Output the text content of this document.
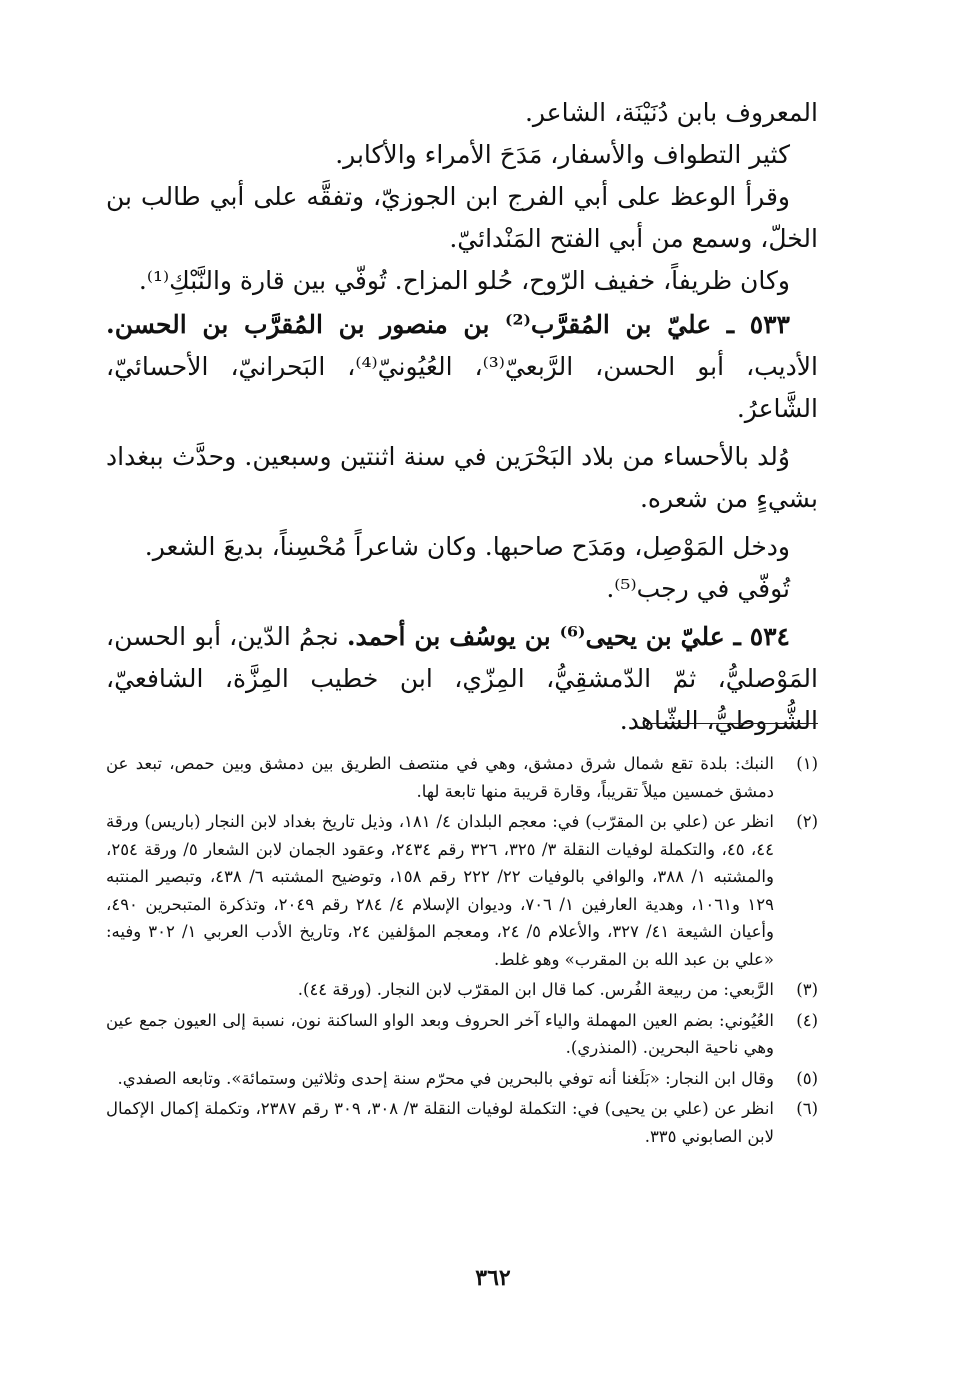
المعروف بابن دُنَيْنَة، الشاعر.

كثير التطواف والأسفار، مَدَحَ الأمراء والأكابر.

وقرأ الوعظ على أبي الفرج ابن الجوزيّ، وتفقَّه على أبي طالب بن الخلّ، وسمع من أبي الفتح المَنْدائيّ.

وكان ظريفاً، خفيف الرّوح، حُلو المزاح. تُوفّي بين قارة والنَّبْكِ⁽¹⁾.

٥٣٣ ـ عليّ بن المُقرَّب⁽²⁾ بن منصور بن المُقرَّب بن الحسن. الأديب، أبو الحسن، الرَّبعيّ⁽³⁾، العُيُونيّ⁽⁴⁾، البَحرانيّ، الأحسائيّ، الشَّاعرُ.

وُلد بالأحساء من بلاد البَحْرَين في سنة اثنتين وسبعين. وحدَّث ببغداد بشيءٍ من شعره.

ودخل المَوْصِل، ومَدَح صاحبها. وكان شاعراً مُحْسِناً، بديعَ الشعر.

تُوفّي في رجب⁽⁵⁾.

٥٣٤ ـ عليّ بن يحيى⁽⁶⁾ بن يوسُف بن أحمد. نجمُ الدّين، أبو الحسن، المَوْصليُّ، ثمّ الدّمشقِيُّ، المِزّي، ابن خطيب المِزَّة، الشافعيّ، الشُّروطيُّ، الشّاهد.

(١)
النبك: بلدة تقع شمال شرق دمشق، وهي في منتصف الطريق بين دمشق وبين حمص، تبعد عن دمشق خمسين ميلاً تقريباً، وقارة قريبة منها تابعة لها.
(٢)
انظر عن (علي بن المقرّب) في: معجم البلدان ٤/ ١٨١، وذيل تاريخ بغداد لابن النجار (باريس) ورقة ٤٤، ٤٥، والتكملة لوفيات النقلة ٣/ ٣٢٥، ٣٢٦ رقم ٢٤٣٤، وعقود الجمان لابن الشعار ٥/ ورقة ٢٥٤، والمشتبه ١/ ٣٨٨، والوافي بالوفيات ٢٢/ ٢٢٢ رقم ١٥٨، وتوضيح المشتبه ٦/ ٤٣٨، وتبصير المنتبه ١٢٩ و١٠٦١، وهدية العارفين ١/ ٧٠٦، وديوان الإسلام ٤/ ٢٨٤ رقم ٢٠٤٩، وتذكرة المتبحرين ٤٩٠، وأعيان الشيعة ٤١/ ٣٢٧، والأعلام ٥/ ٢٤، ومعجم المؤلفين ٢٤، وتاريخ الأدب العربي ١/ ٣٠٢ وفيه: «علي بن عبد الله بن المقرب» وهو غلط.
(٣)
الرَّبعي: من ربيعة الفُرس. كما قال ابن المقرّب لابن النجار. (ورقة ٤٤).
(٤)
العُيُوني: بضم العين المهملة والياء آخر الحروف وبعد الواو الساكنة نون، نسبة إلى العيون جمع عين وهي ناحية البحرين. (المنذري).
(٥)
وقال ابن النجار: «بَلَغنا أنه توفي بالبحرين في محرّم سنة إحدى وثلاثين وستمائة». وتابعه الصفدي.
(٦)
انظر عن (علي بن يحيى) في: التكملة لوفيات النقلة ٣/ ٣٠٨، ٣٠٩ رقم ٢٣٨٧، وتكملة إكمال الإكمال لابن الصابوني ٣٣٥.
٣٦٢
